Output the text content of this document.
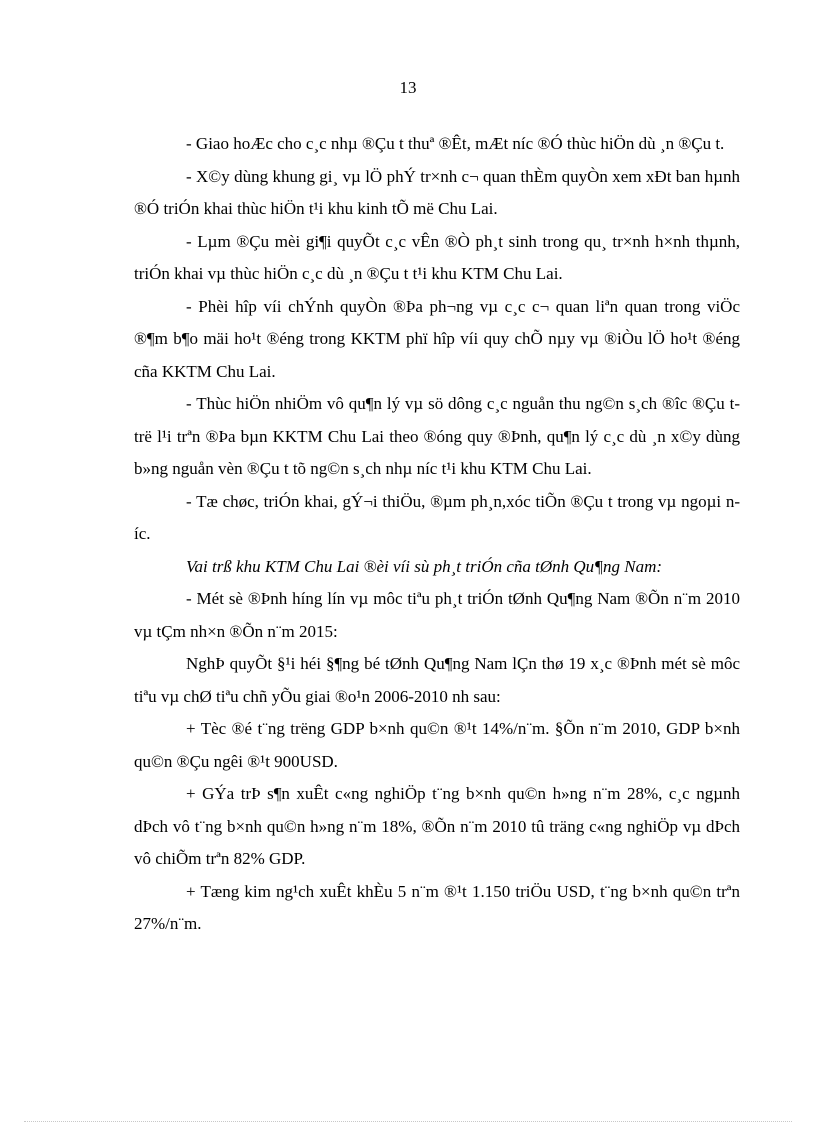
13

- Giao hoÆc cho c¸c nhµ ®Çu t thuª ®Êt, mÆt níc ®Ó thùc hiÖn dù ¸n ®Çu t.

- X©y dùng khung gi¸ vµ lÖ phÝ tr×nh c¬ quan thÈm quyÒn xem xÐt ban hµnh ®Ó triÓn khai thùc hiÖn t¹i khu kinh tÕ më Chu Lai.

- Lµm ®Çu mèi gi¶i quyÕt c¸c vÊn ®Ò ph¸t sinh trong qu¸ tr×nh h×nh thµnh, triÓn khai vµ thùc hiÖn c¸c dù ¸n ®Çu t t¹i khu KTM Chu Lai.

- Phèi hîp víi chÝnh quyÒn ®Þa ph¬ng vµ c¸c c¬ quan liªn quan trong viÖc ®¶m b¶o mäi ho¹t ®éng trong KKTM phï hîp víi quy chÕ nµy vµ ®iÒu lÖ ho¹t ®éng cña KKTM Chu Lai.

- Thùc hiÖn nhiÖm vô qu¶n lý vµ sö dông c¸c nguån thu ng©n s¸ch ®îc ®Çu t trë l¹i trªn ®Þa bµn KKTM Chu Lai theo ®óng quy ®Þnh, qu¶n lý c¸c dù ¸n x©y dùng b»ng nguån vèn ®Çu t tõ ng©n s¸ch nhµ níc t¹i khu KTM Chu Lai.

- Tæ chøc, triÓn khai, gÝ¬i thiÖu, ®µm ph¸n,xóc tiÕn ®Çu t trong vµ ngoµi níc.

Vai trß khu KTM Chu Lai ®èi víi sù ph¸t triÓn cña tØnh Qu¶ng Nam:

- Mét sè ®Þnh híng lín vµ môc tiªu ph¸t triÓn tØnh Qu¶ng Nam ®Õn n¨m 2010 vµ tÇm nh×n ®Õn n¨m 2015:

NghÞ quyÕt §¹i héi §¶ng bé tØnh Qu¶ng Nam lÇn thø 19 x¸c ®Þnh mét sè môc tiªu vµ chØ tiªu chñ yÕu giai ®o¹n 2006-2010 nh sau:

+ Tèc ®é t¨ng trëng GDP b×nh qu©n ®¹t 14%/n¨m. §Õn n¨m 2010, GDP b×nh qu©n ®Çu ngêi ®¹t 900USD.

+ GÝa trÞ s¶n xuÊt c«ng nghiÖp t¨ng b×nh qu©n h»ng n¨m 28%, c¸c ngµnh dÞch vô t¨ng b×nh qu©n h»ng n¨m 18%, ®Õn n¨m 2010 tû träng c«ng nghiÖp vµ dÞch vô chiÕm trªn 82% GDP.

+ Tæng kim ng¹ch xuÊt khÈu 5 n¨m ®¹t 1.150 triÖu USD, t¨ng b×nh qu©n trªn 27%/n¨m.
